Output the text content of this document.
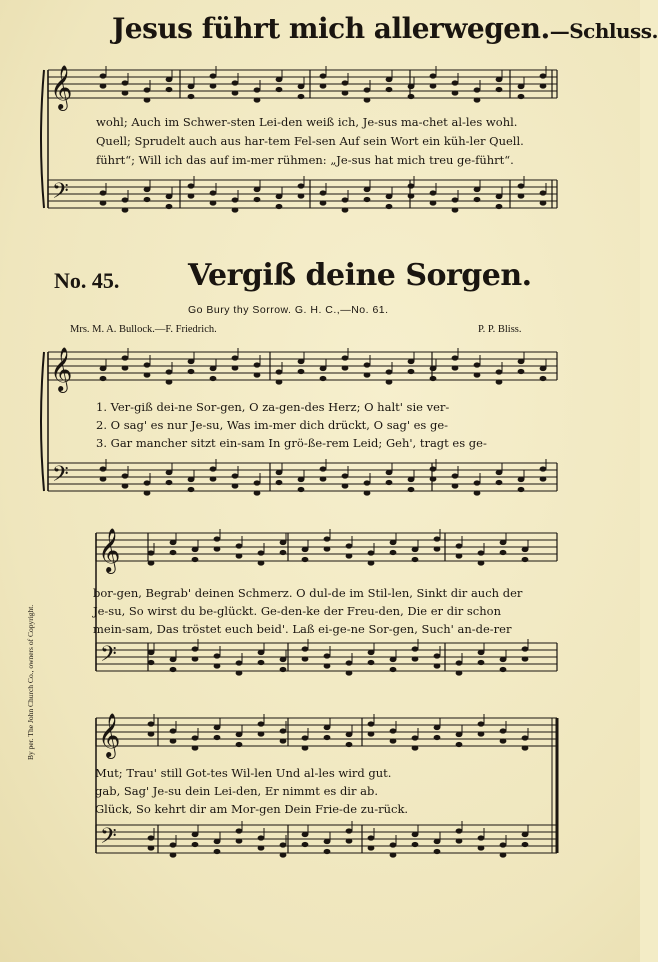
𝄞
𝄢
𝄞
𝄢
𝄞
𝄢
𝄞
𝄢
Jesus führt mich allerwegen.—Schluss.
wohl; Auch im Schwer-sten Lei-den weiß ich, Je-sus ma-chet al-les wohl.
Quell; Sprudelt auch aus har-tem Fel-sen Auf sein Wort ein küh-ler Quell.
führt“; Will ich das auf im-mer rühmen: „Je-sus hat mich treu ge-führt“.
No. 45. Vergiß deine Sorgen.
Go Bury thy Sorrow. G. H. C.,—No. 61.
Mrs. M. A. Bullock.—F. Friedrich.	P. P. Bliss.
By per. The John Church Co., owners of Copyright.
1. Ver-giß dei-ne Sor-gen, O za-gen-des Herz; O halt' sie ver-
2. O sag' es nur Je-su, Was im-mer dich drückt, O sag' es ge-
3. Gar mancher sitzt ein-sam In grö-ße-rem Leid; Geh', tragt es ge-
bor-gen, Begrab' deinen Schmerz. O dul-de im Stil-len, Sinkt dir auch der
Je-su, So wirst du be-glückt. Ge-den-ke der Freu-den, Die er dir schon
mein-sam, Das tröstet euch beid'. Laß ei-ge-ne Sor-gen, Such' an-de-rer
Mut; Trau' still Got-tes Wil-len Und al-les wird gut.
gab, Sag' Je-su dein Lei-den, Er nimmt es dir ab.
Glück, So kehrt dir am Mor-gen Dein Frie-de zu-rück.
